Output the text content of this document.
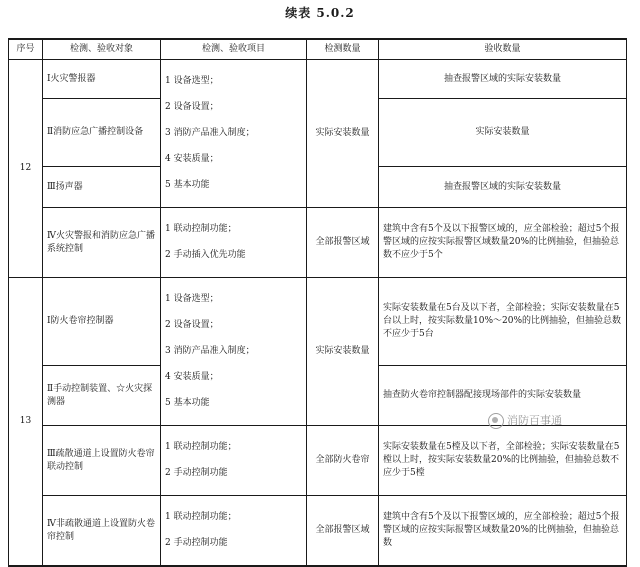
续表 5.0.2
序号	检测、验收对象	检测、验收项目	检测数量	验收数量
12	Ⅰ火灾警报器	1 设备选型；

2 设备设置；

3 消防产品准入制度；

4 安装质量；

5 基本功能	实际安装数量	抽查报警区域的实际安装数量
	Ⅱ消防应急广播控制设备			实际安装数量
	Ⅲ扬声器			抽查报警区域的实际安装数量
	Ⅳ火灾警报和消防应急广播系统控制	1 联动控制功能；

2 手动插入优先功能	全部报警区域	建筑中含有5个及以下报警区域的，应全部检验；超过5个报警区域的应按实际报警区域数量20%的比例抽验，但抽验总数不应少于5个
13	Ⅰ防火卷帘控制器	1 设备选型；

2 设备设置；

3 消防产品准入制度；

4 安装质量；

5 基本功能	实际安装数量	实际安装数量在5台及以下者，全部检验；实际安装数量在5台以上时，按实际数量10%～20%的比例抽验，但抽验总数不应少于5台
	Ⅱ手动控制装置、☆火灾探测器			抽查防火卷帘控制器配接现场部件的实际安装数量
	Ⅲ疏散通道上设置防火卷帘联动控制	1 联动控制功能；

2 手动控制功能	全部防火卷帘	实际安装数量在5樘及以下者，全部检验；实际安装数量在5樘以上时，按实际安装数量20%的比例抽验，但抽验总数不应少于5樘
	Ⅳ非疏散通道上设置防火卷帘控制	1 联动控制功能；

2 手动控制功能	全部报警区域	建筑中含有5个及以下报警区域的，应全部检验；超过5个报警区域的应按实际报警区域数量20%的比例抽验，但抽验总数
消防百事通
